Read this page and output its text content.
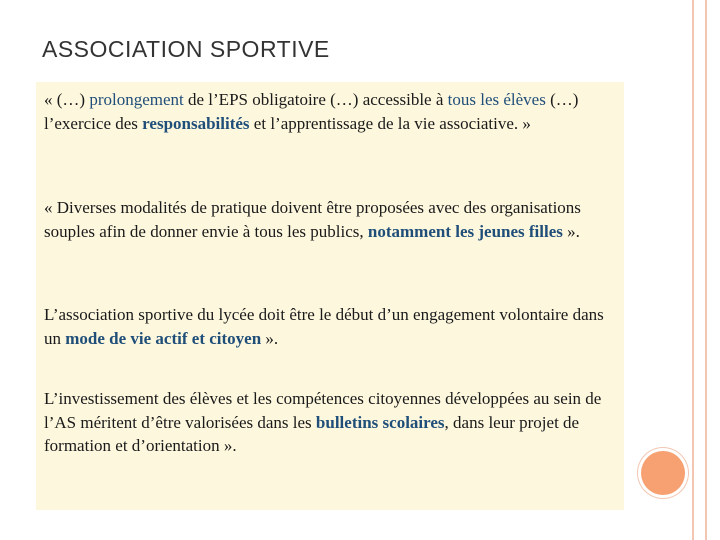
ASSOCIATION SPORTIVE

« (…) prolongement de l’EPS obligatoire (…) accessible à tous les élèves (…) l’exercice des responsabilités et l’apprentissage de la vie associative. »

« Diverses modalités de pratique doivent être proposées avec des organisations souples afin de donner envie à tous les publics, notamment les jeunes filles ».

L’association sportive du lycée doit être le début d’un engagement volontaire dans un mode de vie actif et citoyen ».

L’investissement des élèves et les compétences citoyennes développées au sein de l’AS méritent d’être valorisées dans les bulletins scolaires, dans leur projet de formation et d’orientation ».
